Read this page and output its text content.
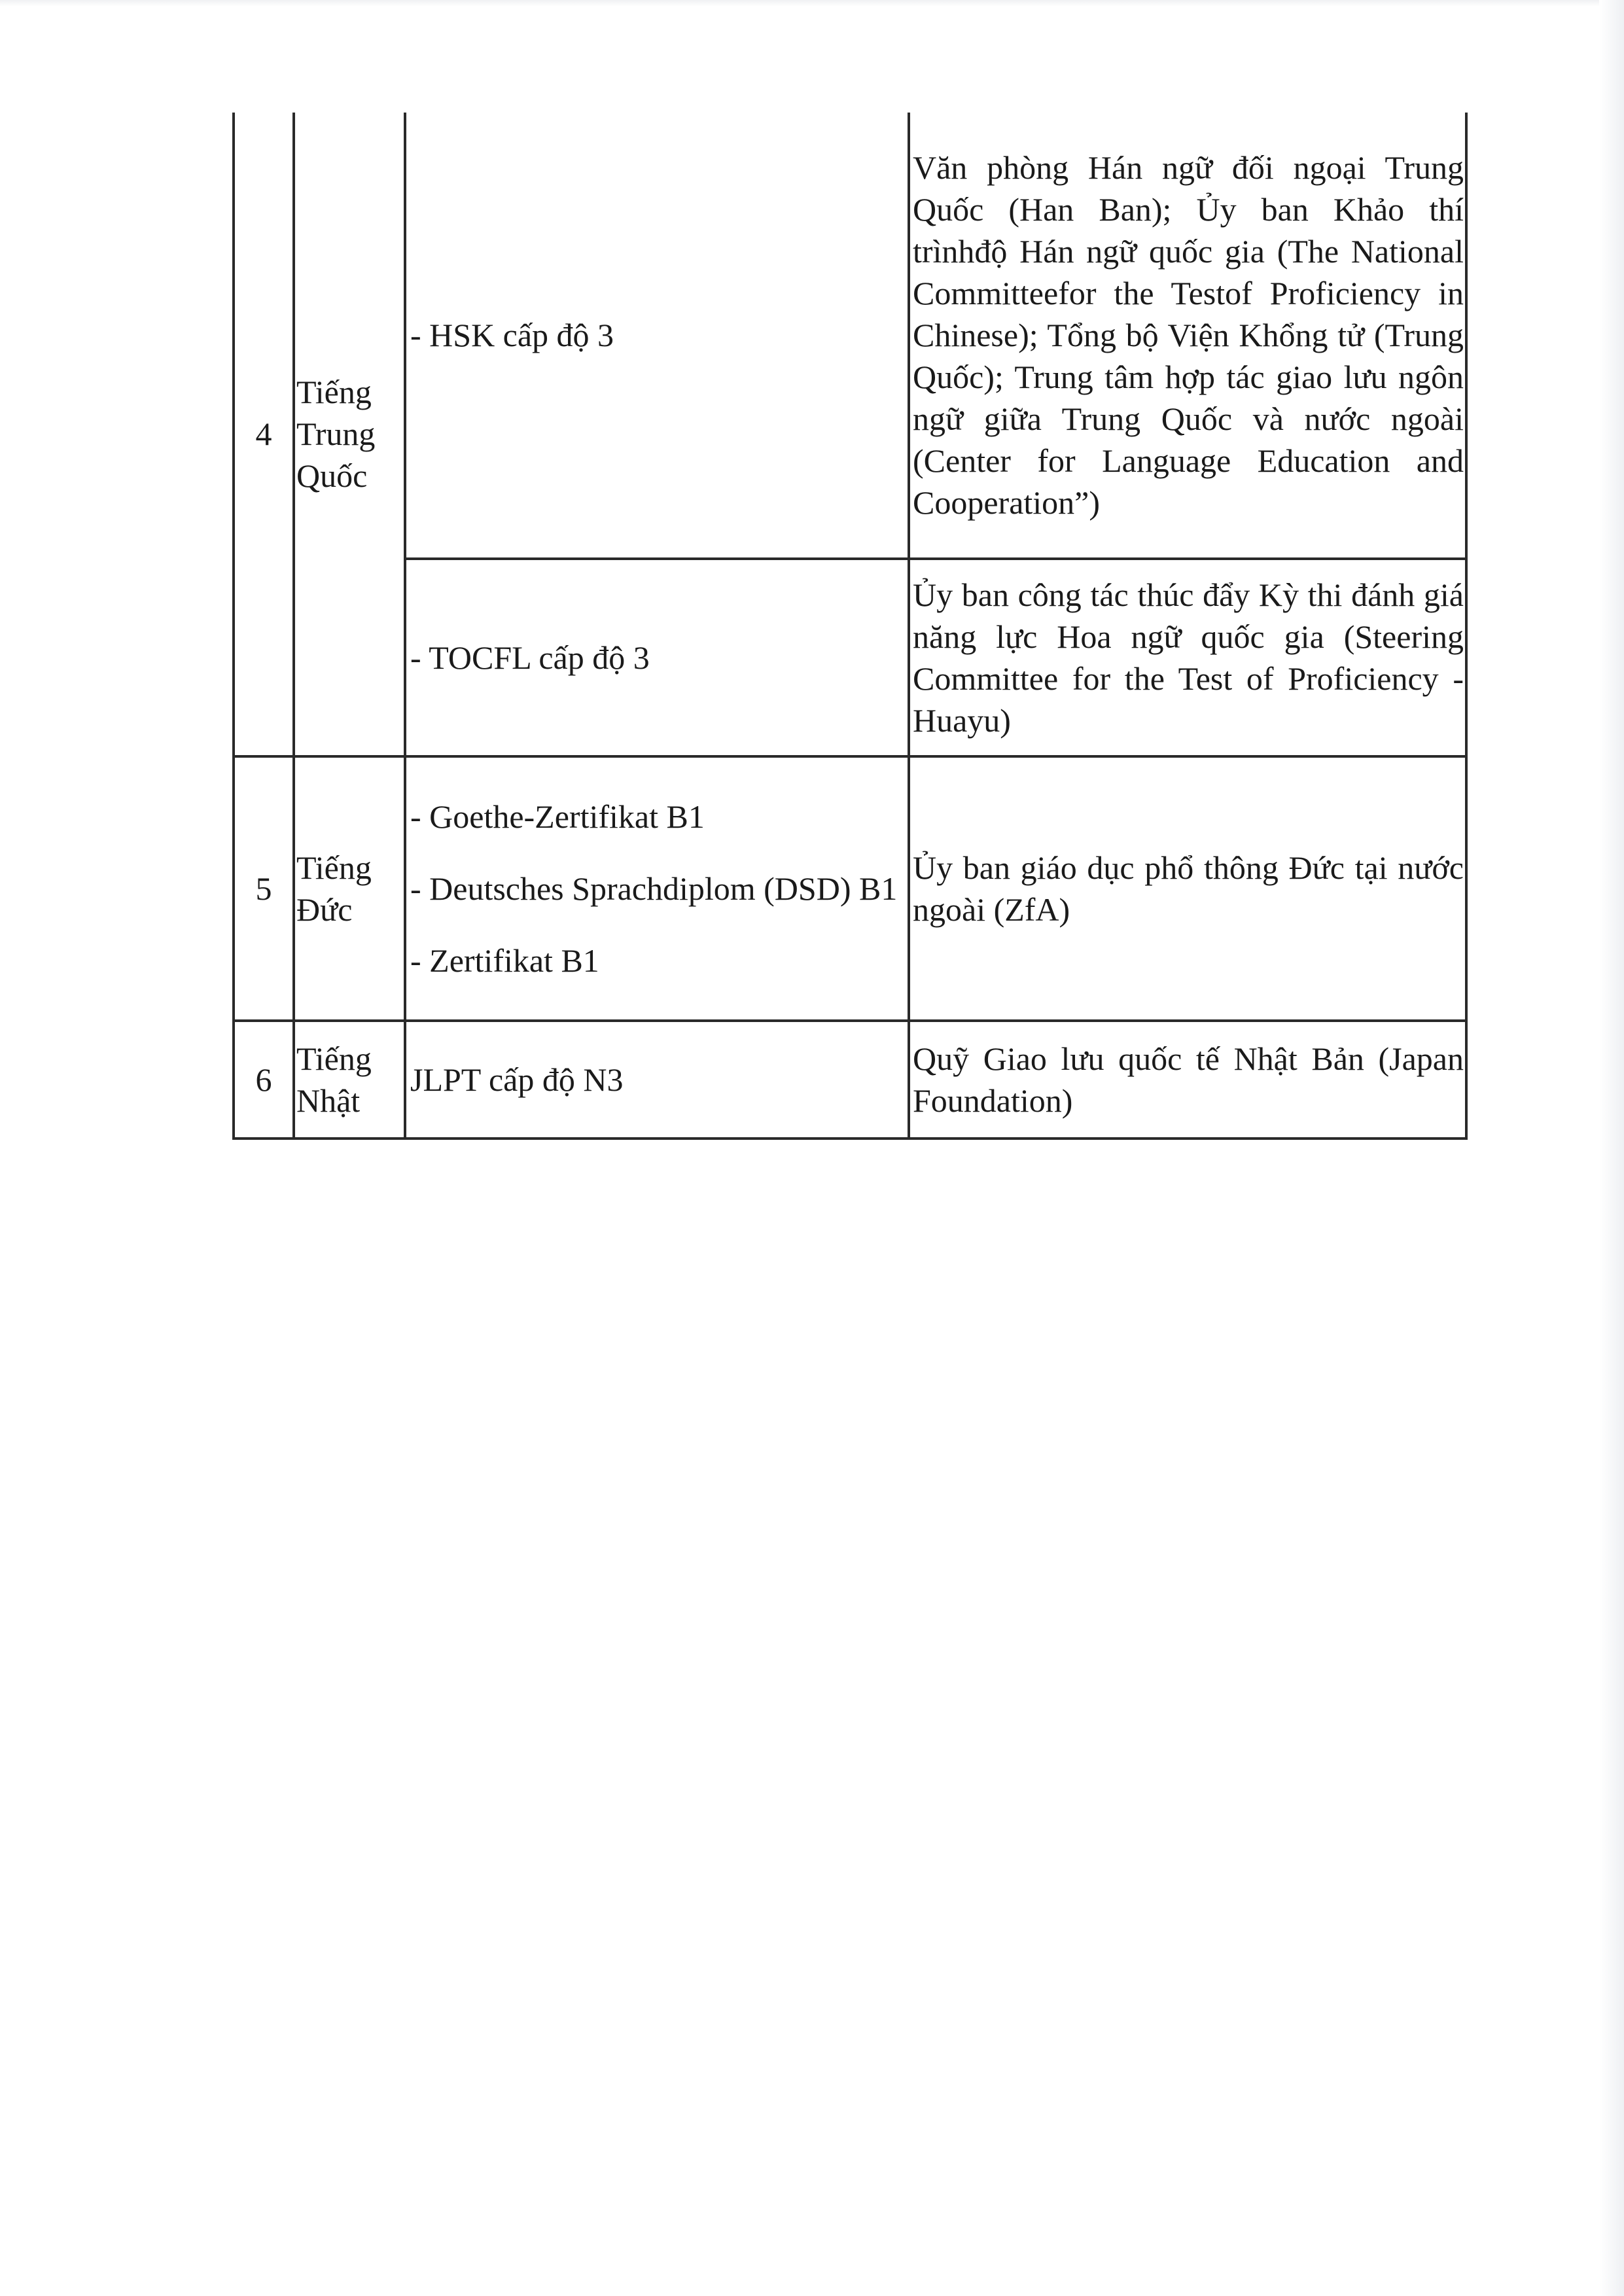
4	Tiếng Trung Quốc	- HSK cấp độ 3	Văn phòng Hán ngữ đối ngoại Trung Quốc (Han Ban); Ủy ban Khảo thí trìnhđộ Hán ngữ quốc gia (The National Committeefor the Testof Proficiency in Chinese); Tổng bộ Viện Khổng tử (Trung Quốc); Trung tâm hợp tác giao lưu ngôn ngữ giữa Trung Quốc và nước ngoài (Center for Language Education and Cooperation”)
		- TOCFL cấp độ 3	Ủy ban công tác thúc đẩy Kỳ thi đánh giá năng lực Hoa ngữ quốc gia (Steering Committee for the Test of Proficiency - Huayu)
5	Tiếng Đức	- Goethe-Zertifikat B1
- Deutsches Sprachdiplom (DSD) B1
- Zertifikat B1	Ủy ban giáo dục phổ thông Đức tại nước ngoài (ZfA)
6	Tiếng Nhật	JLPT cấp độ N3	Quỹ Giao lưu quốc tế Nhật Bản (Japan Foundation)
